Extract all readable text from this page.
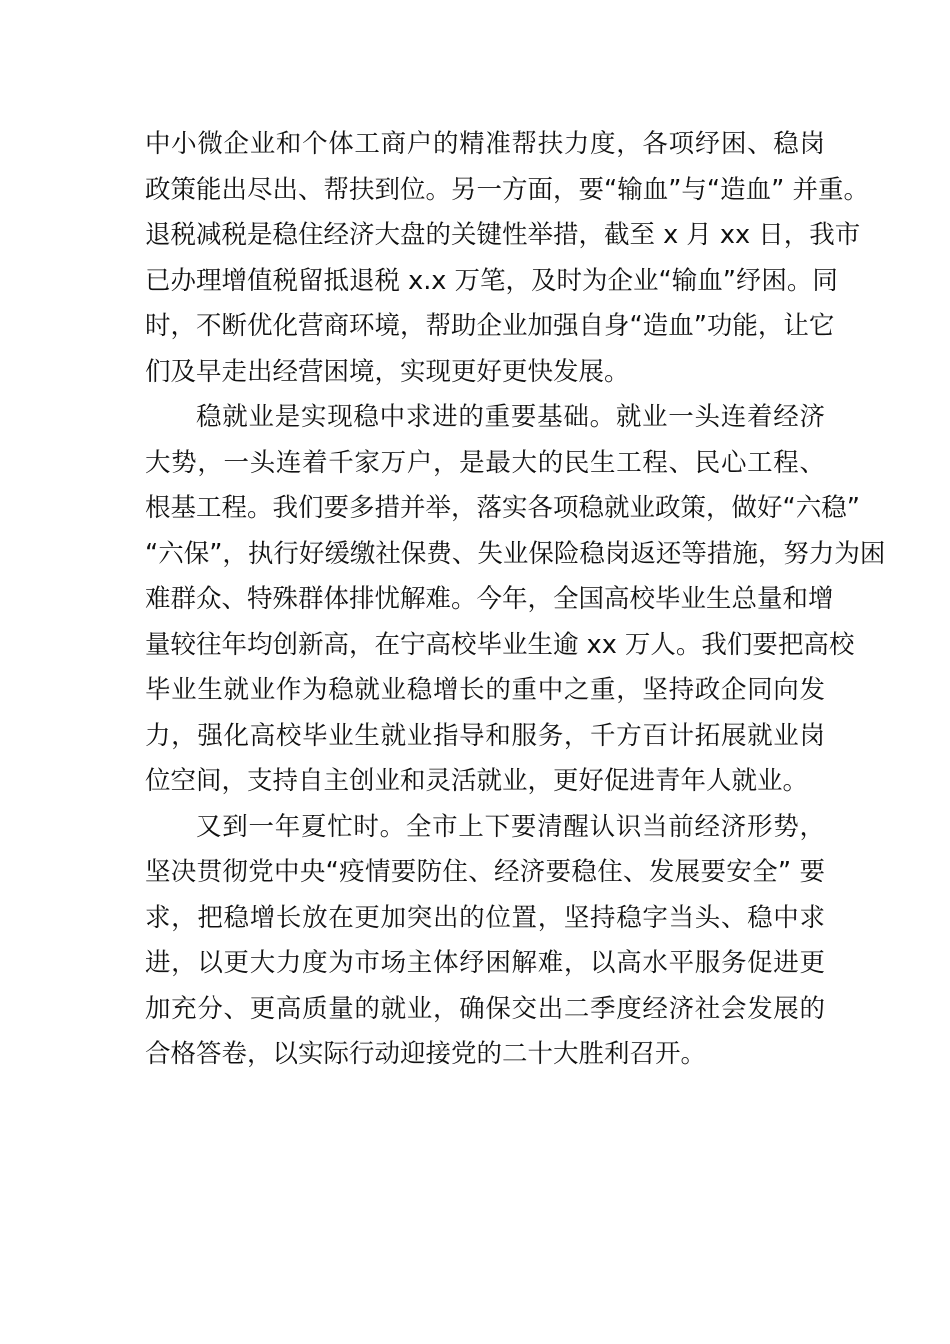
中小微企业和个体工商户的精准帮扶力度，各项纾困、稳岗
政策能出尽出、帮扶到位。另一方面，要“输血”与“造血” 并重。
退税减税是稳住经济大盘的关键性举措，截至 x 月 xx 日，我市
已办理增值税留抵退税 x.x 万笔，及时为企业“输血”纾困。同
时，不断优化营商环境，帮助企业加强自身“造血”功能，让它
们及早走出经营困境，实现更好更快发展。
稳就业是实现稳中求进的重要基础。就业一头连着经济
大势，一头连着千家万户，是最大的民生工程、民心工程、
根基工程。我们要多措并举，落实各项稳就业政策，做好“六稳”
“六保”，执行好缓缴社保费、失业保险稳岗返还等措施，努力为困
难群众、特殊群体排忧解难。今年，全国高校毕业生总量和增
量较往年均创新高，在宁高校毕业生逾 xx 万人。我们要把高校
毕业生就业作为稳就业稳增长的重中之重，坚持政企同向发
力，强化高校毕业生就业指导和服务，千方百计拓展就业岗
位空间，支持自主创业和灵活就业，更好促进青年人就业。
又到一年夏忙时。全市上下要清醒认识当前经济形势，
坚决贯彻党中央“疫情要防住、经济要稳住、发展要安全” 要
求，把稳增长放在更加突出的位置，坚持稳字当头、稳中求
进，以更大力度为市场主体纾困解难，以高水平服务促进更
加充分、更高质量的就业，确保交出二季度经济社会发展的
合格答卷，以实际行动迎接党的二十大胜利召开。
